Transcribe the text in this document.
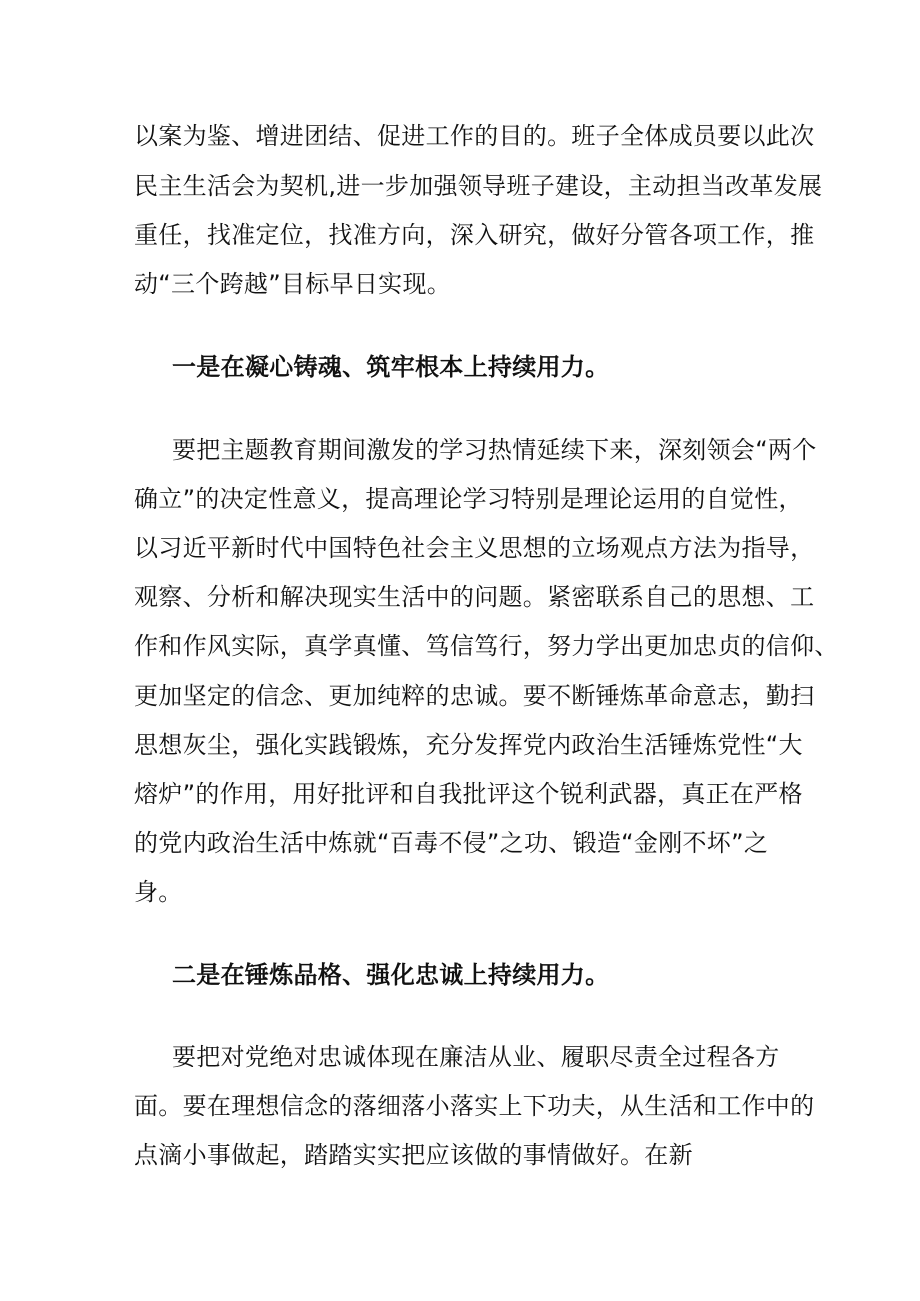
以案为鉴、增进团结、促进工作的目的。班子全体成员要以此次
民主生活会为契机,进一步加强领导班子建设，主动担当改革发展
重任，找准定位，找准方向，深入研究，做好分管各项工作，推
动“三个跨越”目标早日实现。
一是在凝心铸魂、筑牢根本上持续用力。
要把主题教育期间激发的学习热情延续下来，深刻领会“两个
确立”的决定性意义，提高理论学习特别是理论运用的自觉性，
以习近平新时代中国特色社会主义思想的立场观点方法为指导，
观察、分析和解决现实生活中的问题。紧密联系自己的思想、工
作和作风实际，真学真懂、笃信笃行，努力学出更加忠贞的信仰、
更加坚定的信念、更加纯粹的忠诚。要不断锤炼革命意志，勤扫
思想灰尘，强化实践锻炼，充分发挥党内政治生活锤炼党性“大
熔炉”的作用，用好批评和自我批评这个锐利武器，真正在严格
的党内政治生活中炼就“百毒不侵”之功、锻造“金刚不坏”之
身。
二是在锤炼品格、强化忠诚上持续用力。
要把对党绝对忠诚体现在廉洁从业、履职尽责全过程各方
面。要在理想信念的落细落小落实上下功夫，从生活和工作中的
点滴小事做起，踏踏实实把应该做的事情做好。在新
